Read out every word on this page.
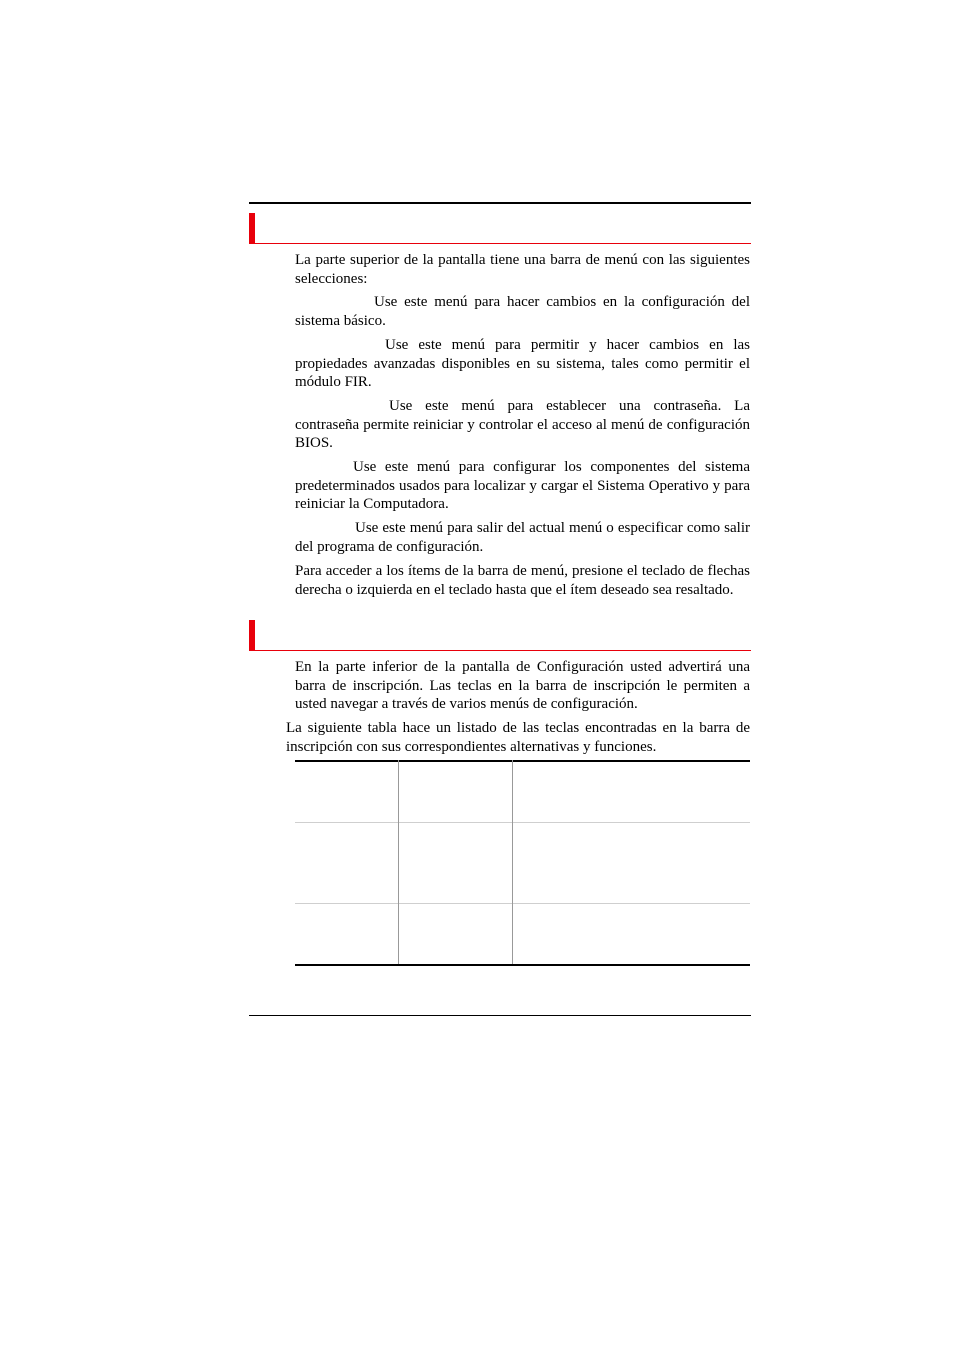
La parte superior de la pantalla tiene una barra de menú con las siguientes selecciones:

Use este menú para hacer cambios en la configuración del sistema básico.

Use este menú para permitir y hacer cambios en las propiedades avanzadas disponibles en su sistema, tales como permitir el módulo FIR.

Use este menú para establecer una contraseña. La contraseña permite reiniciar y controlar el acceso al menú de configuración BIOS.

Use este menú para configurar los componentes del sistema predeterminados usados para localizar y cargar el Sistema Operativo y para reiniciar la Computadora.

Use este menú para salir del actual menú o especificar como salir del programa de configuración.

Para acceder a los ítems de la barra de menú, presione el teclado de flechas derecha o izquierda en el teclado hasta que el ítem deseado sea resaltado.

En la parte inferior de la pantalla de Configuración usted advertirá una barra de inscripción. Las teclas en la barra de inscripción le permiten a usted navegar a través de varios menús de configuración.

La siguiente tabla hace un listado de las teclas encontradas en la barra de inscripción con sus correspondientes alternativas y funciones.
